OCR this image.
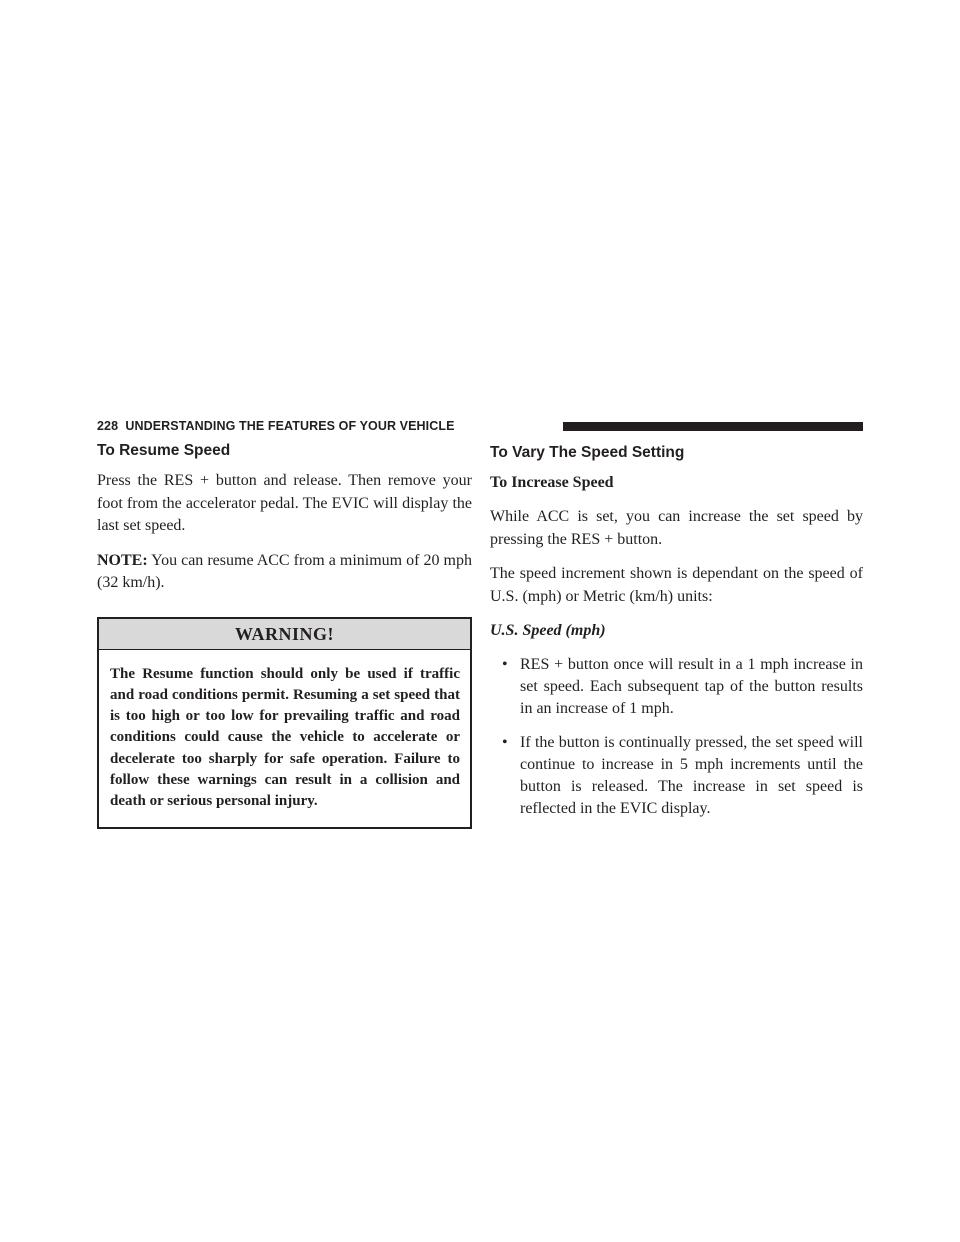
228 UNDERSTANDING THE FEATURES OF YOUR VEHICLE
To Resume Speed

Press the RES + button and release. Then remove your foot from the accelerator pedal. The EVIC will display the last set speed.

NOTE: You can resume ACC from a minimum of 20 mph (32 km/h).

WARNING!
The Resume function should only be used if traffic and road conditions permit. Resuming a set speed that is too high or too low for prevailing traffic and road conditions could cause the vehicle to accelerate or decelerate too sharply for safe operation. Failure to follow these warnings can result in a collision and death or serious personal injury.
To Vary The Speed Setting
To Increase Speed

While ACC is set, you can increase the set speed by pressing the RES + button.

The speed increment shown is dependant on the speed of U.S. (mph) or Metric (km/h) units:

U.S. Speed (mph)
• RES + button once will result in a 1 mph increase in set speed. Each subsequent tap of the button results in an increase of 1 mph.
• If the button is continually pressed, the set speed will continue to increase in 5 mph increments until the button is released. The increase in set speed is reflected in the EVIC display.
